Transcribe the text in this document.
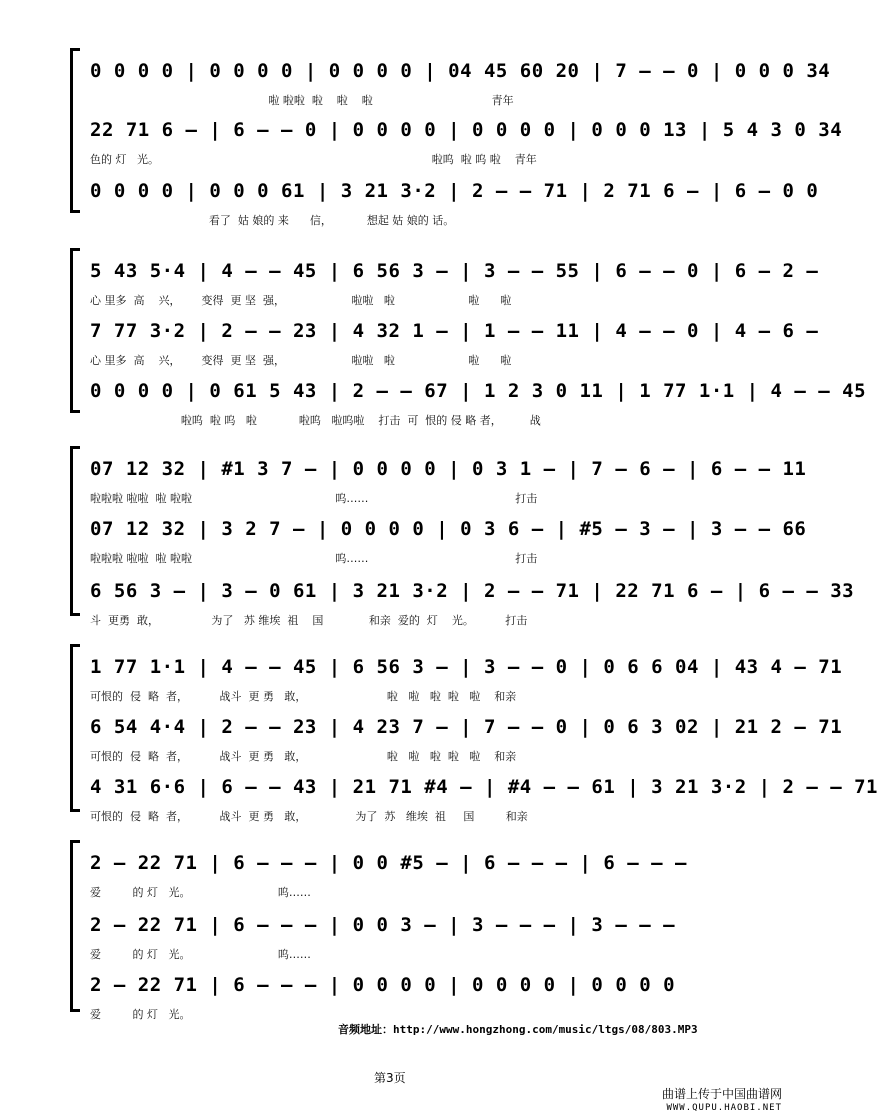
0 0 0 0 | 0 0 0 0 | 0 0 0 0 | 04 45 60 20 | 7 – – 0 | 0 0 0 34
啦 啦啦  啦    啦    啦                                  青年
22 71 6 – | 6 – – 0 | 0 0 0 0 | 0 0 0 0 | 0 0 0 13 | 5 4 3 0 34
色的 灯   光。                                                                              啦呜  啦 呜 啦    青年
0 0 0 0 | 0 0 0 61 | 3 21 3·2 | 2 – – 71 | 2 71 6 – | 6 – 0 0
看了  姑 娘的 来      信，          想起 姑 娘的 话。
5 43 5·4 | 4 – – 45 | 6 56 3 – | 3 – – 55 | 6 – – 0 | 6 – 2 –
心 里多  高    兴，      变得  更 坚  强，                   啦啦   啦                     啦      啦
7 77 3·2 | 2 – – 23 | 4 32 1 – | 1 – – 11 | 4 – – 0 | 4 – 6 –
心 里多  高    兴，      变得  更 坚  强，                   啦啦   啦                     啦      啦
0 0 0 0 | 0 61 5 43 | 2 – – 67 | 1 2 3 0 11 | 1 77 1·1 | 4 – – 45
啦呜  啦 呜   啦            啦呜   啦呜啦    打击  可  恨的 侵 略 者，        战
07 12 32 | #1 3 7 – | 0 0 0 0 | 0 3 1 – | 7 – 6 – | 6 – – 11
啦啦啦 啦啦  啦 啦啦                                         呜……                                          打击
07 12 32 | 3 2 7 – | 0 0 0 0 | 0 3 6 – | #5 – 3 – | 3 – – 66
啦啦啦 啦啦  啦 啦啦                                         呜……                                          打击
6 56 3 – | 3 – 0 61 | 3 21 3·2 | 2 – – 71 | 22 71 6 – | 6 – – 33
斗  更勇  敢，               为了   苏 维埃  祖    国             和亲  爱的  灯    光。         打击
1 77 1·1 | 4 – – 45 | 6 56 3 – | 3 – – 0 | 0 6 6 04 | 43 4 – 71
可恨的  侵  略  者，         战斗  更 勇   敢，                       啦   啦   啦  啦   啦    和亲
6 54 4·4 | 2 – – 23 | 4 23 7 – | 7 – – 0 | 0 6 3 02 | 21 2 – 71
可恨的  侵  略  者，         战斗  更 勇   敢，                       啦   啦   啦  啦   啦    和亲
4 31 6·6 | 6 – – 43 | 21 71 #4 – | #4 – – 61 | 3 21 3·2 | 2 – – 71
可恨的  侵  略  者，         战斗  更 勇   敢，              为了  苏   维埃  祖     国         和亲
2 – 22 71 | 6 – – – | 0 0 #5 – | 6 – – – | 6 – – –
爱         的 灯   光。                         呜……
2 – 22 71 | 6 – – – | 0 0 3 – | 3 – – – | 3 – – –
爱         的 灯   光。                         呜……
2 – 22 71 | 6 – – – | 0 0 0 0 | 0 0 0 0 | 0 0 0 0
爱         的 灯   光。
音频地址：http://www.hongzhong.com/music/ltgs/08/803.MP3
第3页
曲谱上传于中国曲谱网
WWW.QUPU.HAOBI.NET
